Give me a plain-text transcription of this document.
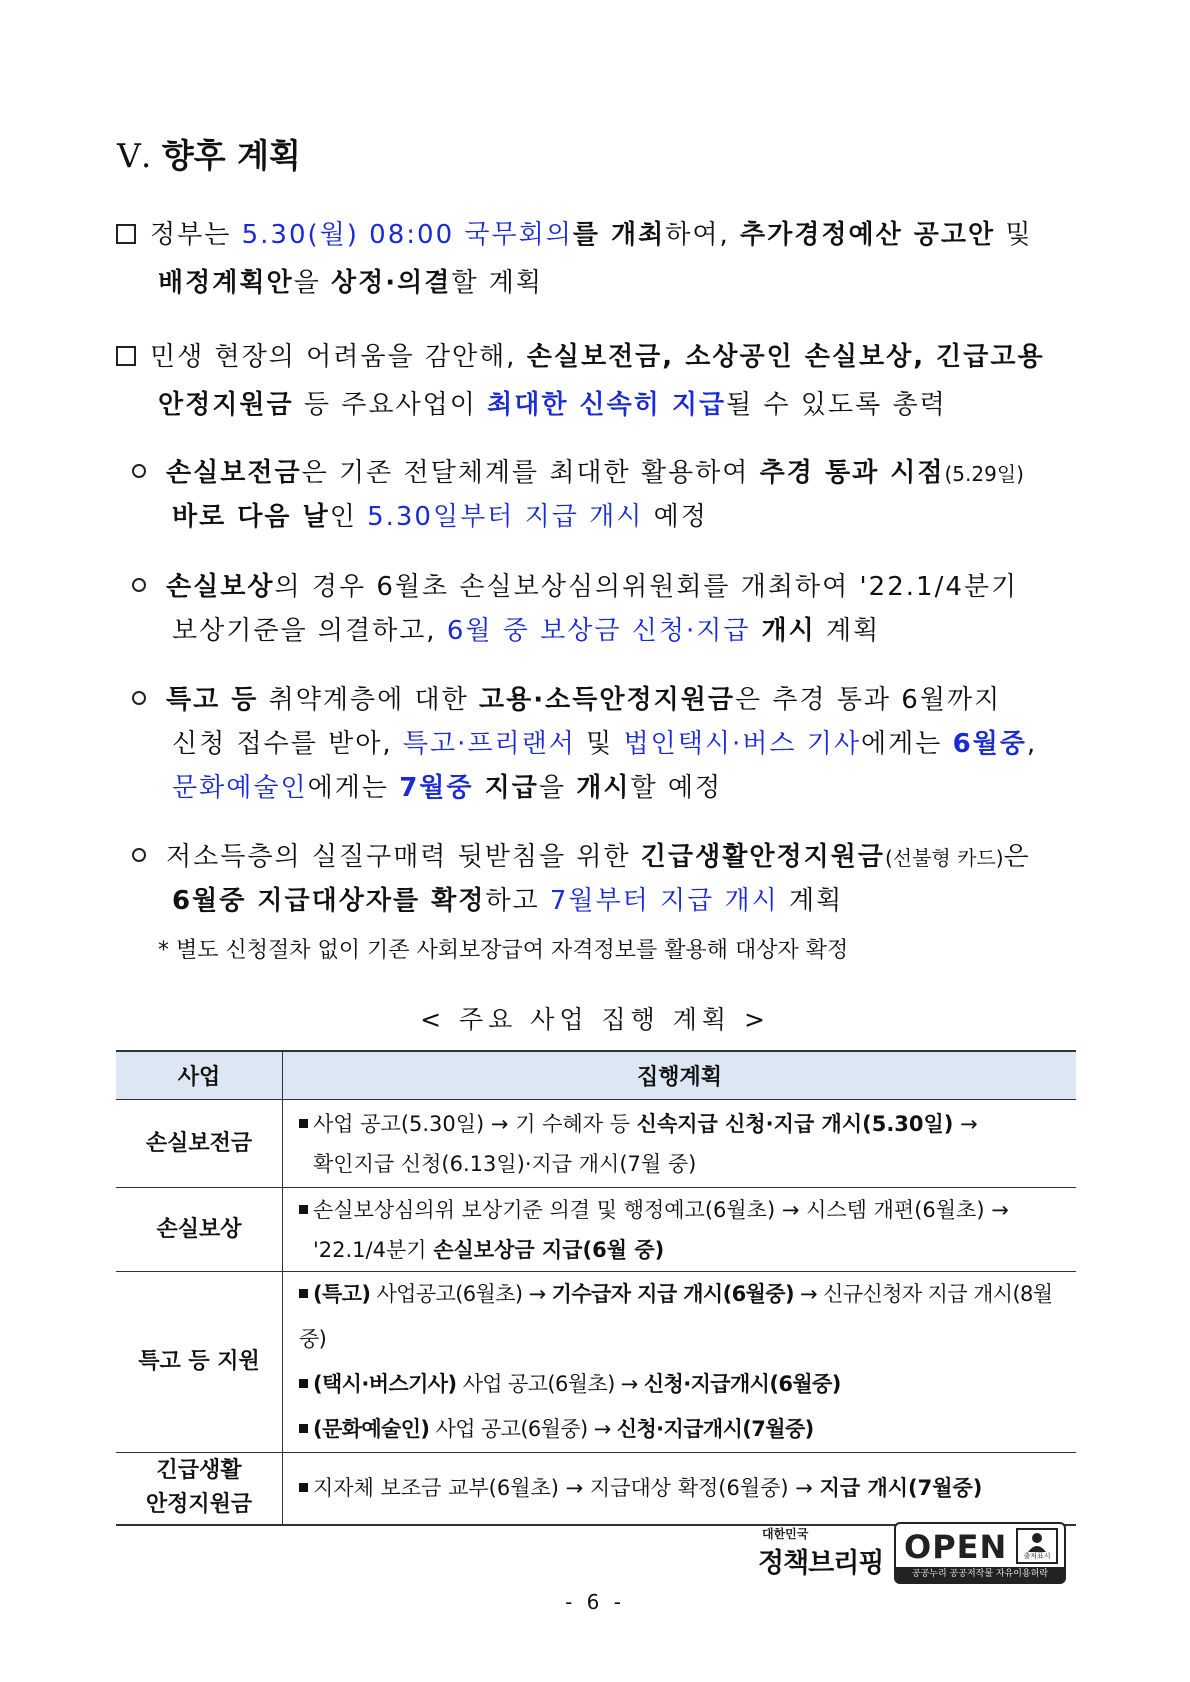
Ⅴ. 향후 계획
정부는 5.30(월) 08:00 국무회의를 개최하여, 추가경정예산 공고안 및
배정계획안을 상정·의결할 계획
민생 현장의 어려움을 감안해, 손실보전금, 소상공인 손실보상, 긴급고용
안정지원금 등 주요사업이 최대한 신속히 지급될 수 있도록 총력
손실보전금은 기존 전달체계를 최대한 활용하여 추경 통과 시점(5.29일)
바로 다음 날인 5.30일부터 지급 개시 예정
손실보상의 경우 6월초 손실보상심의위원회를 개최하여 '22.1/4분기
보상기준을 의결하고, 6월 중 보상금 신청·지급 개시 계획
특고 등 취약계층에 대한 고용·소득안정지원금은 추경 통과 6월까지
신청 접수를 받아, 특고·프리랜서 및 법인택시·버스 기사에게는 6월중,
문화예술인에게는 7월중 지급을 개시할 예정
저소득층의 실질구매력 뒷받침을 위한 긴급생활안정지원금(선불형 카드)은
6월중 지급대상자를 확정하고 7월부터 지급 개시 계획
* 별도 신청절차 없이 기존 사회보장급여 자격정보를 활용해 대상자 확정
< 주요 사업 집행 계획 >
사업	집행계획
손실보전금	사업 공고(5.30일) → 기 수혜자 등 신속지급 신청·지급 개시(5.30일) →
확인지급 신청(6.13일)·지급 개시(7월 중)

손실보상	손실보상심의위 보상기준 의결 및 행정예고(6월초) → 시스템 개편(6월초) →
'22.1/4분기 손실보상금 지급(6월 중)

특고 등 지원	(특고) 사업공고(6월초) → 기수급자 지급 개시(6월중) → 신규신청자 지급 개시(8월중)
(택시·버스기사) 사업 공고(6월초) → 신청·지급개시(6월중)
(문화예술인) 사업 공고(6월중) → 신청·지급개시(7월중)

긴급생활
안정지원금	지자체 보조금 교부(6월초) → 지급대상 확정(6월중) → 지급 개시(7월중)
대한민국
정책브리핑 OPEN	출처표시
공공누리 공공저작물 자유이용허락
- 6 -
